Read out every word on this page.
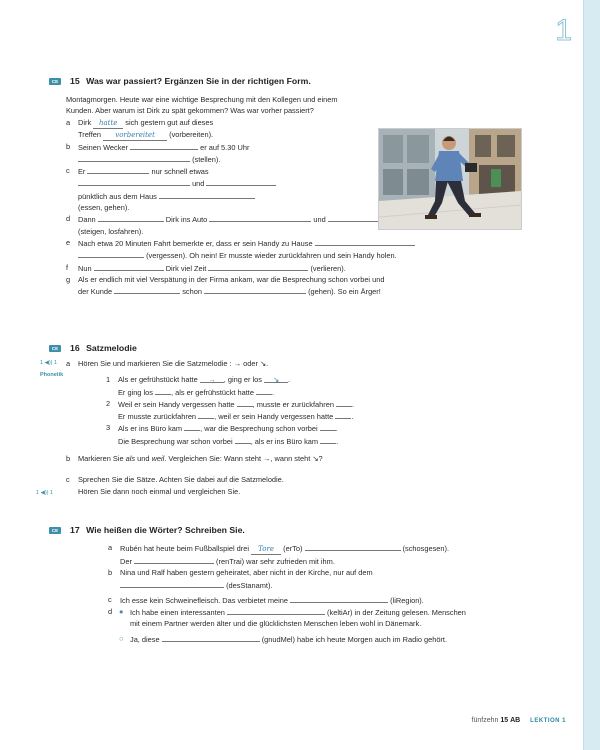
1
CE	15 Was war passiert? Ergänzen Sie in der richtigen Form.
Montagmorgen. Heute war eine wichtige Besprechung mit den Kollegen und einem
Kunden. Aber warum ist Dirk zu spät gekommen? Was war vorher passiert?
a Dirk hatte sich gestern gut auf dieses
Treffen vorbereitet (vorbereiten).
b Seinen Wecker	er auf 5.30 Uhr
(stellen).
c Er	nur schnell etwas
und
pünktlich aus dem Haus
(essen, gehen).
d Dann	Dirk ins Auto	und
(steigen, losfahren).
e Nach etwa 20 Minuten Fahrt bemerkte er, dass er sein Handy zu Hause
(vergessen). Oh nein! Er musste wieder zurückfahren und sein Handy holen.
f Nun	Dirk viel Zeit	(verlieren).
g Als er endlich mit viel Verspätung in der Firma ankam, war die Besprechung schon vorbei und
der Kunde	schon	(gehen). So ein Ärger!
1 ◀)) 1
Phonetik
CE	16 Satzmelodie
a Hören Sie und markieren Sie die Satzmelodie : → oder ↘.
1 Als er gefrühstückt hatte → , ging er los ↘ .
Er ging los , als er gefrühstückt hatte .
2 Weil er sein Handy vergessen hatte , musste er zurückfahren .
Er musste zurückfahren , weil er sein Handy vergessen hatte .
3 Als er ins Büro kam , war die Besprechung schon vorbei .
Die Besprechung war schon vorbei , als er ins Büro kam .
b Markieren Sie als und weil. Vergleichen Sie: Wann steht →, wann steht ↘?
c Sprechen Sie die Sätze. Achten Sie dabei auf die Satzmelodie.
Hören Sie dann noch einmal und vergleichen Sie.
1 ◀)) 1
CE	17 Wie heißen die Wörter? Schreiben Sie.
a Rubén hat heute beim Fußballspiel drei Tore (erTo)	(schosgesen).
Der	(renTrai) war sehr zufrieden mit ihm.
b Nina und Ralf haben gestern geheiratet, aber nicht in der Kirche, nur auf dem
(desStanamt).
c Ich esse kein Schweinefleisch. Das verbietet meine	(liRegion).
d ● Ich habe einen interessanten	(keltiAr) in der Zeitung gelesen. Menschen
mit einem Partner werden älter und die glücklichsten Menschen leben wohl in Dänemark.
○ Ja, diese	(gnudMel) habe ich heute Morgen auch im Radio gehört.
fünfzehn 15 AB LEKTION 1
